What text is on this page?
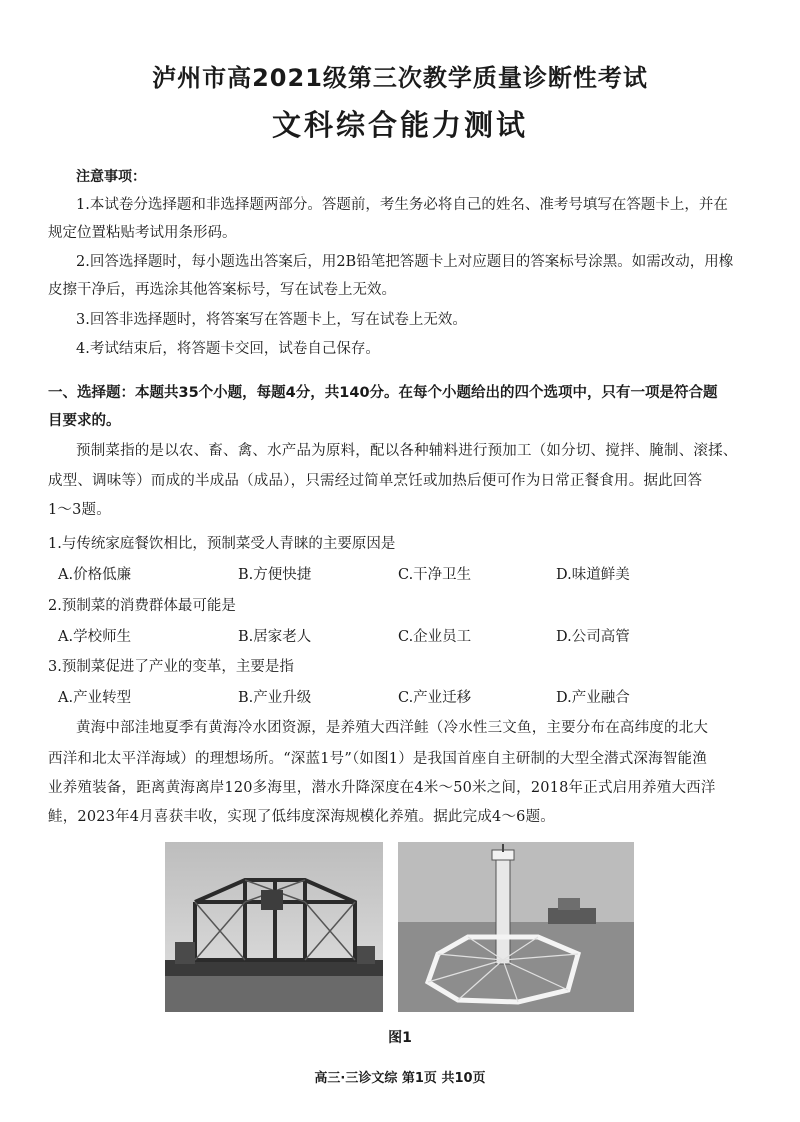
泸州市高2021级第三次教学质量诊断性考试
文科综合能力测试
注意事项：
1.本试卷分选择题和非选择题两部分。答题前，考生务必将自己的姓名、准考号填写在答题卡上，并在
规定位置粘贴考试用条形码。
2.回答选择题时，每小题选出答案后，用2B铅笔把答题卡上对应题目的答案标号涂黑。如需改动，用橡
皮擦干净后，再选涂其他答案标号，写在试卷上无效。
3.回答非选择题时，将答案写在答题卡上，写在试卷上无效。
4.考试结束后，将答题卡交回，试卷自己保存。
一、选择题：本题共35个小题，每题4分，共140分。在每个小题给出的四个选项中，只有一项是符合题
目要求的。
预制菜指的是以农、畜、禽、水产品为原料，配以各种辅料进行预加工（如分切、搅拌、腌制、滚揉、
成型、调味等）而成的半成品（成品），只需经过简单烹饪或加热后便可作为日常正餐食用。据此回答
1～3题。
1.与传统家庭餐饮相比，预制菜受人青睐的主要原因是
A.价格低廉	B.方便快捷	C.干净卫生	D.味道鲜美
2.预制菜的消费群体最可能是
A.学校师生	B.居家老人	C.企业员工	D.公司高管
3.预制菜促进了产业的变革，主要是指
A.产业转型	B.产业升级	C.产业迁移	D.产业融合
黄海中部洼地夏季有黄海冷水团资源，是养殖大西洋鲑（冷水性三文鱼，主要分布在高纬度的北大
西洋和北太平洋海域）的理想场所。“深蓝1号”（如图1）是我国首座自主研制的大型全潜式深海智能渔
业养殖装备，距离黄海离岸120多海里，潜水升降深度在4米～50米之间，2018年正式启用养殖大西洋
鲑，2023年4月喜获丰收，实现了低纬度深海规模化养殖。据此完成4～6题。
图1
高三·三诊文综 第1页 共10页
